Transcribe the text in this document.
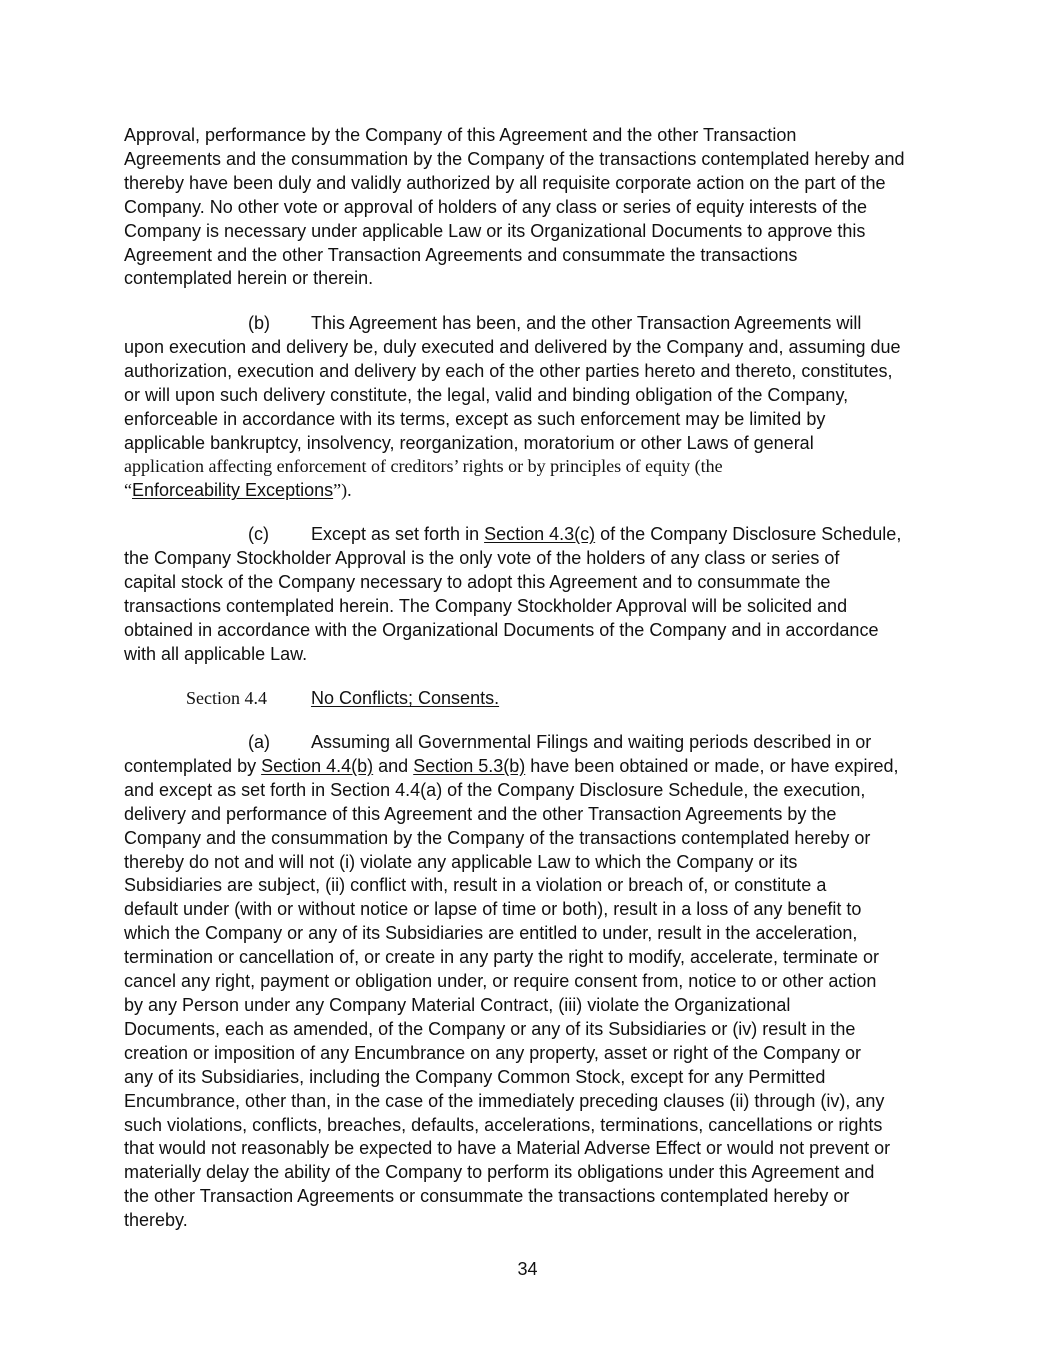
Approval, performance by the Company of this Agreement and the other Transaction
Agreements and the consummation by the Company of the transactions contemplated hereby and
thereby have been duly and validly authorized by all requisite corporate action on the part of the
Company. No other vote or approval of holders of any class or series of equity interests of the
Company is necessary under applicable Law or its Organizational Documents to approve this
Agreement and the other Transaction Agreements and consummate the transactions
contemplated herein or therein.
(b) This Agreement has been, and the other Transaction Agreements will
upon execution and delivery be, duly executed and delivered by the Company and, assuming due
authorization, execution and delivery by each of the other parties hereto and thereto, constitutes,
or will upon such delivery constitute, the legal, valid and binding obligation of the Company,
enforceable in accordance with its terms, except as such enforcement may be limited by
applicable bankruptcy, insolvency, reorganization, moratorium or other Laws of general
application affecting enforcement of creditors’ rights or by principles of equity (the
“Enforceability Exceptions”).
(c) Except as set forth in Section 4.3(c) of the Company Disclosure Schedule,
the Company Stockholder Approval is the only vote of the holders of any class or series of
capital stock of the Company necessary to adopt this Agreement and to consummate the
transactions contemplated herein. The Company Stockholder Approval will be solicited and
obtained in accordance with the Organizational Documents of the Company and in accordance
with all applicable Law.
Section 4.4 No Conflicts; Consents.
(a) Assuming all Governmental Filings and waiting periods described in or
contemplated by Section 4.4(b) and Section 5.3(b) have been obtained or made, or have expired,
and except as set forth in Section 4.4(a) of the Company Disclosure Schedule, the execution,
delivery and performance of this Agreement and the other Transaction Agreements by the
Company and the consummation by the Company of the transactions contemplated hereby or
thereby do not and will not (i) violate any applicable Law to which the Company or its
Subsidiaries are subject, (ii) conflict with, result in a violation or breach of, or constitute a
default under (with or without notice or lapse of time or both), result in a loss of any benefit to
which the Company or any of its Subsidiaries are entitled to under, result in the acceleration,
termination or cancellation of, or create in any party the right to modify, accelerate, terminate or
cancel any right, payment or obligation under, or require consent from, notice to or other action
by any Person under any Company Material Contract, (iii) violate the Organizational
Documents, each as amended, of the Company or any of its Subsidiaries or (iv) result in the
creation or imposition of any Encumbrance on any property, asset or right of the Company or
any of its Subsidiaries, including the Company Common Stock, except for any Permitted
Encumbrance, other than, in the case of the immediately preceding clauses (ii) through (iv), any
such violations, conflicts, breaches, defaults, accelerations, terminations, cancellations or rights
that would not reasonably be expected to have a Material Adverse Effect or would not prevent or
materially delay the ability of the Company to perform its obligations under this Agreement and
the other Transaction Agreements or consummate the transactions contemplated hereby or
thereby.
34
